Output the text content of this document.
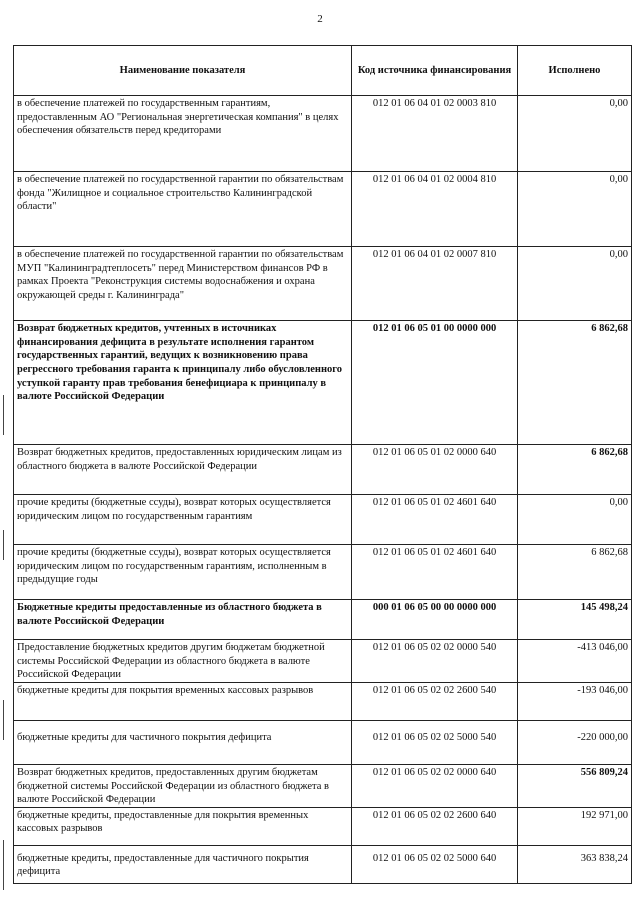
2
Наименование показателя	Код источника финансирования	Исполнено
в обеспечение платежей по государственным гарантиям, предоставленным АО "Региональная энергетическая компания" в целях обеспечения обязательств перед кредиторами	012 01 06 04 01 02 0003 810	0,00
в обеспечение платежей по государственной гарантии по обязательствам фонда "Жилищное и социальное строительство Калининградской области"	012 01 06 04 01 02 0004 810	0,00
в обеспечение платежей по государственной гарантии по обязательствам МУП "Калининградтеплосеть" перед Министерством финансов РФ в рамках Проекта "Реконструкция системы водоснабжения и охрана окружающей среды г. Калининграда"	012 01 06 04 01 02 0007 810	0,00
Возврат бюджетных кредитов, учтенных в источниках финансирования дефицита в результате исполнения гарантом государственных гарантий, ведущих к возникновению права регрессного требования гаранта к принципалу либо обусловленного уступкой гаранту прав требования бенефициара к принципалу в валюте Российской Федерации	012 01 06 05 01 00 0000 000	6 862,68
Возврат бюджетных кредитов, предоставленных юридическим лицам из областного бюджета в валюте Российской Федерации	012 01 06 05 01 02 0000 640	6 862,68
прочие кредиты (бюджетные ссуды), возврат которых осуществляется юридическим лицом по государственным гарантиям	012 01 06 05 01 02 4601 640	0,00
прочие кредиты (бюджетные ссуды), возврат которых осуществляется юридическим лицом по государственным гарантиям, исполненным в предыдущие годы	012 01 06 05 01 02 4601 640	6 862,68
Бюджетные кредиты предоставленные из областного бюджета в валюте Российской Федерации	000 01 06 05 00 00 0000 000	145 498,24
Предоставление бюджетных кредитов другим бюджетам бюджетной системы Российской Федерации из областного бюджета в валюте Российской Федерации	012 01 06 05 02 02 0000 540	-413 046,00
бюджетные кредиты для покрытия временных кассовых разрывов	012 01 06 05 02 02 2600 540	-193 046,00
бюджетные кредиты для частичного покрытия дефицита	012 01 06 05 02 02 5000 540	-220 000,00
Возврат бюджетных кредитов, предоставленных другим бюджетам бюджетной системы Российской Федерации из областного бюджета в валюте Российской Федерации	012 01 06 05 02 02 0000 640	556 809,24
бюджетные кредиты, предоставленные для покрытия временных кассовых разрывов	012 01 06 05 02 02 2600 640	192 971,00
бюджетные кредиты, предоставленные для частичного покрытия дефицита	012 01 06 05 02 02 5000 640	363 838,24
